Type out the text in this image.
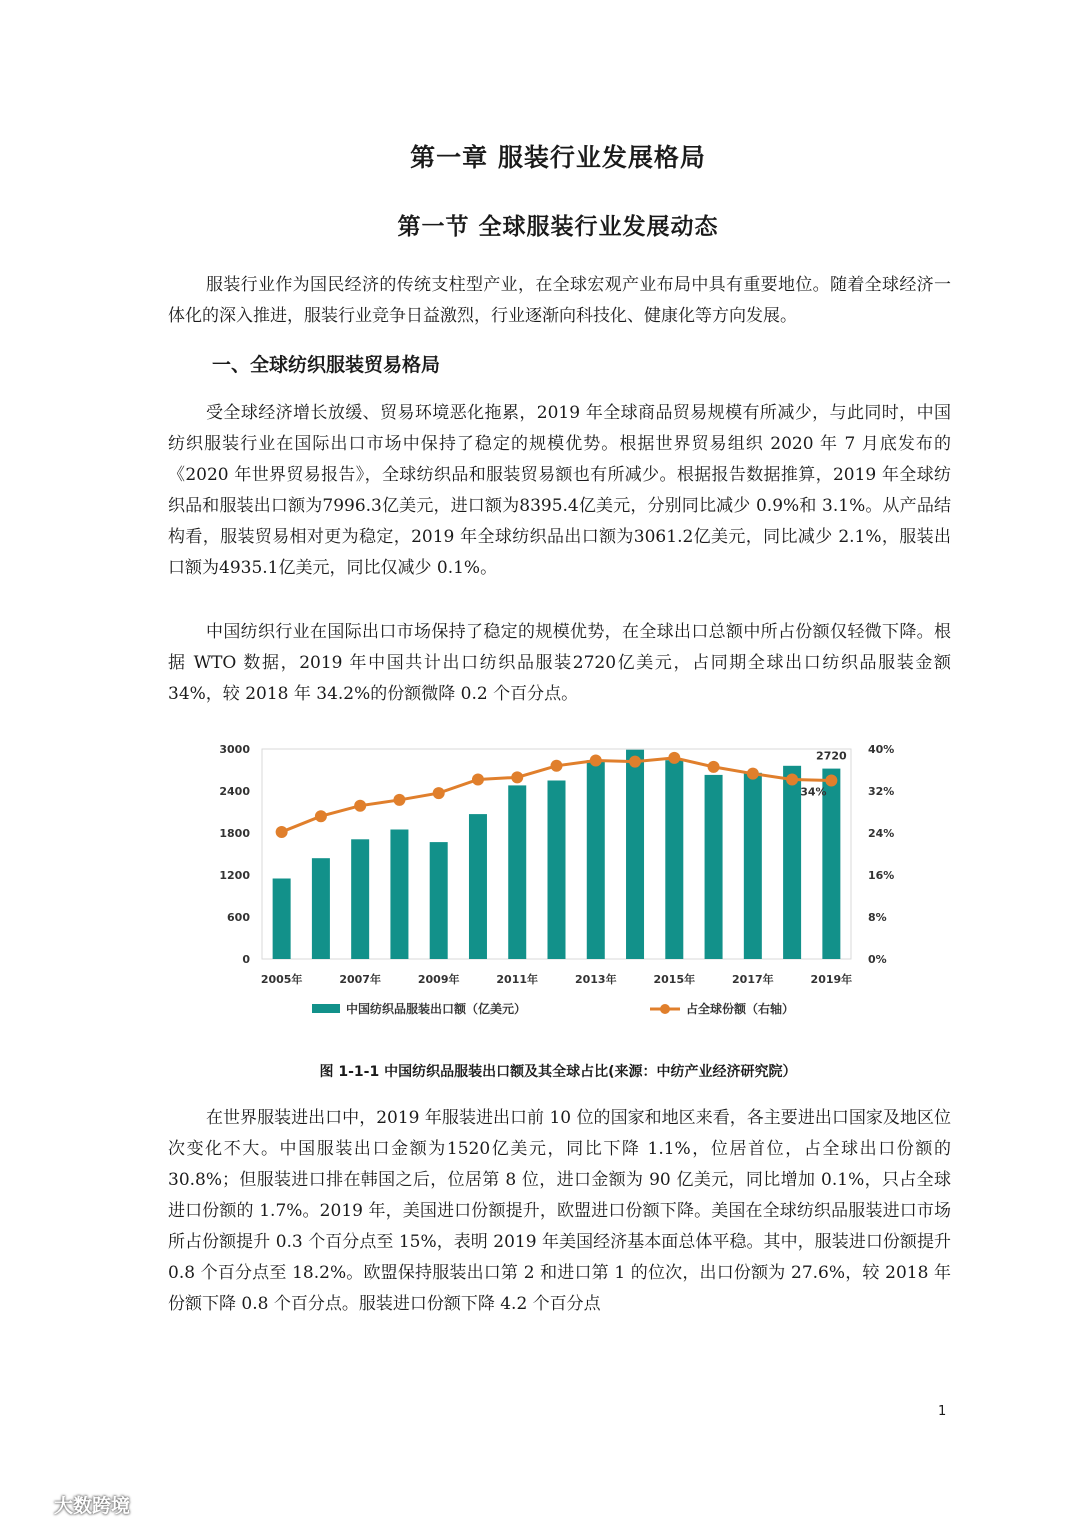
第一章 服装行业发展格局
第一节 全球服装行业发展动态

服装行业作为国民经济的传统支柱型产业，在全球宏观产业布局中具有重要地位。随着全球经济一体化的深入推进，服装行业竞争日益激烈，行业逐渐向科技化、健康化等方向发展。

一、全球纺织服装贸易格局

受全球经济增长放缓、贸易环境恶化拖累，2019 年全球商品贸易规模有所减少，与此同时，中国纺织服装行业在国际出口市场中保持了稳定的规模优势。根据世界贸易组织 2020 年 7 月底发布的《2020 年世界贸易报告》，全球纺织品和服装贸易额也有所减少。根据报告数据推算，2019 年全球纺织品和服装出口额为7996.3亿美元，进口额为8395.4亿美元，分别同比减少 0.9%和 3.1%。从产品结构看，服装贸易相对更为稳定，2019 年全球纺织品出口额为3061.2亿美元，同比减少 2.1%，服装出口额为4935.1亿美元，同比仅减少 0.1%。

中国纺织行业在国际出口市场保持了稳定的规模优势，在全球出口总额中所占份额仅轻微下降。根据 WTO 数据，2019 年中国共计出口纺织品服装2720亿美元，占同期全球出口纺织品服装金额 34%，较 2018 年 34.2%的份额微降 0.2 个百分点。

0
600
1200
1800
2400
3000
0%
8%
16%
24%
32%
40%
2005年	2007年	2009年	2011年	2013年	2015年	2017年	2019年
2720
34%
中国纺织品服装出口额（亿美元）	占全球份额（右轴）
图 1-1-1 中国纺织品服装出口额及其全球占比(来源：中纺产业经济研究院）

在世界服装进出口中，2019 年服装进出口前 10 位的国家和地区来看，各主要进出口国家及地区位次变化不大。中国服装出口金额为1520亿美元，同比下降 1.1%，位居首位，占全球出口份额的 30.8%；但服装进口排在韩国之后，位居第 8 位，进口金额为 90 亿美元，同比增加 0.1%，只占全球进口份额的 1.7%。2019 年，美国进口份额提升，欧盟进口份额下降。美国在全球纺织品服装进口市场所占份额提升 0.3 个百分点至 15%，表明 2019 年美国经济基本面总体平稳。其中，服装进口份额提升 0.8 个百分点至 18.2%。欧盟保持服装出口第 2 和进口第 1 的位次，出口份额为 27.6%，较 2018 年份额下降 0.8 个百分点。服装进口份额下降 4.2 个百分点

1
大数跨境
